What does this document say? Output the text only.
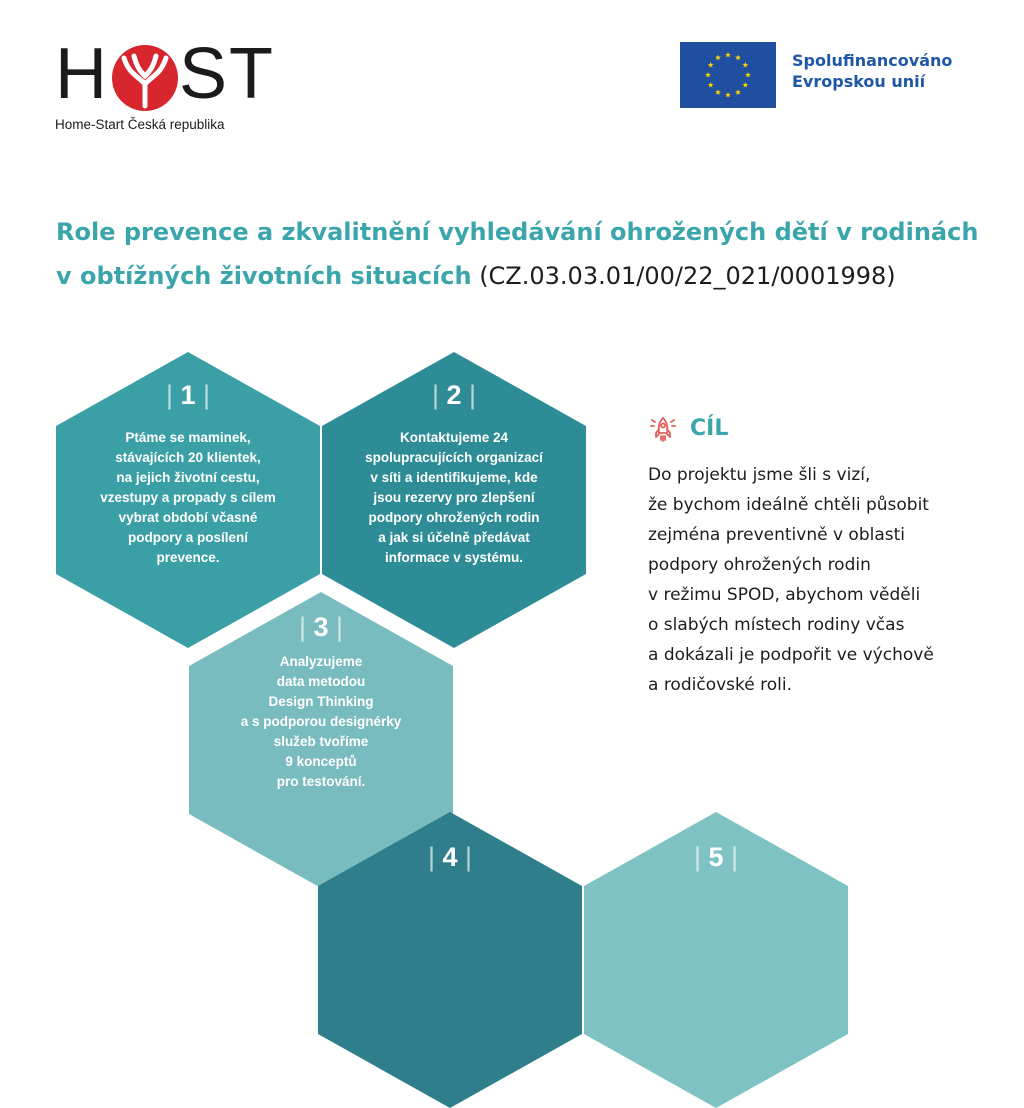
H ST
Home-Start Česká republika
Spolufinancováno
Evropskou unií
Role prevence a zkvalitnění vyhledávání ohrožených dětí v rodinách
v obtížných životních situacích (CZ.03.03.01/00/22_021/0001998)
| 1 |
Ptáme se maminek,
stávajících 20 klientek,
na jejich životní cestu,
vzestupy a propady s cílem
vybrat období včasné
podpory a posílení
prevence.
| 2 |
Kontaktujeme 24
spolupracujících organizací
v síti a identifikujeme, kde
jsou rezervy pro zlepšení
podpory ohrožených rodin
a jak si účelně předávat
informace v systému.
| 3 |
Analyzujeme
data metodou
Design Thinking
a s podporou designérky
služeb tvoříme
9 konceptů
pro testování.
| 4 |	| 5 |
CÍL
Do projektu jsme šli s vizí,
že bychom ideálně chtěli působit
zejména preventivně v oblasti
podpory ohrožených rodin
v režimu SPOD, abychom věděli
o slabých místech rodiny včas
a dokázali je podpořit ve výchově
a rodičovské roli.
